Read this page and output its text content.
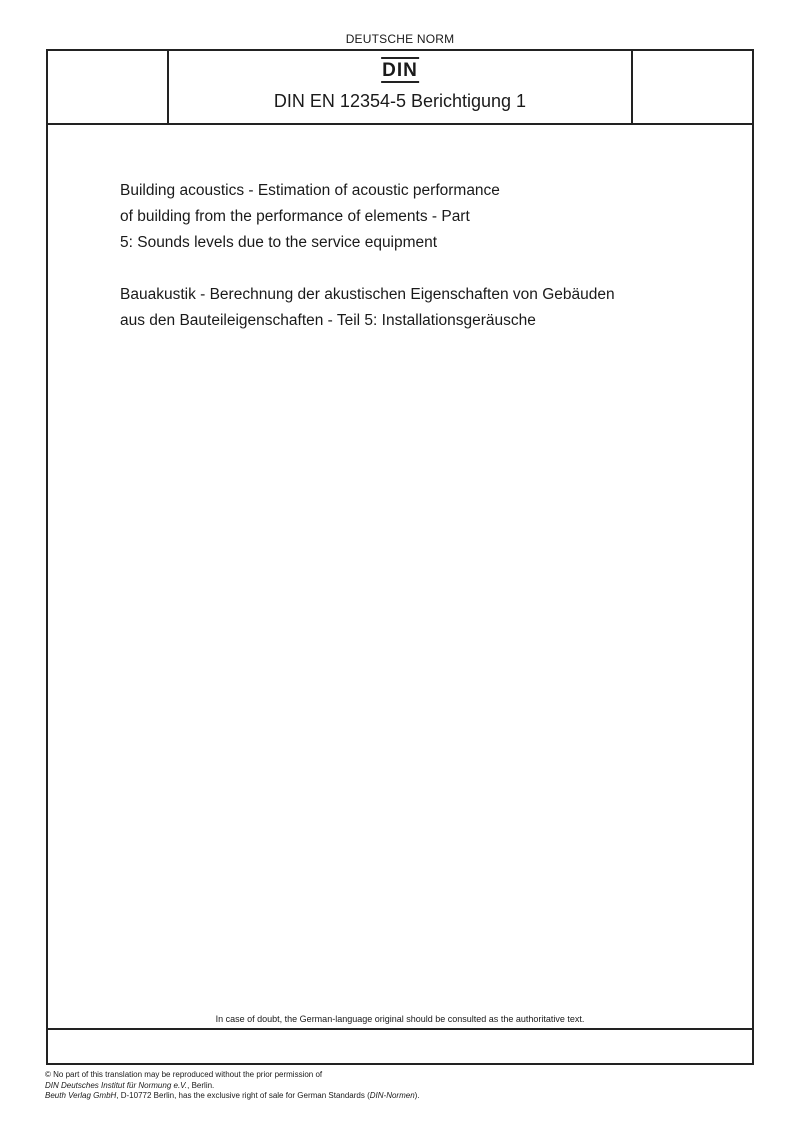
DEUTSCHE NORM
DIN
DIN EN 12354-5 Berichtigung 1

Building acoustics - Estimation of acoustic performance
of building from the performance of elements - Part
5: Sounds levels due to the service equipment

Bauakustik - Berechnung der akustischen Eigenschaften von Gebäuden
aus den Bauteileigenschaften - Teil 5: Installationsgeräusche

In case of doubt, the German-language original should be consulted as the authoritative text.

© No part of this translation may be reproduced without the prior permission of

DIN Deutsches Institut für Normung e.V., Berlin.

Beuth Verlag GmbH, D-10772 Berlin, has the exclusive right of sale for German Standards (DIN-Normen).
